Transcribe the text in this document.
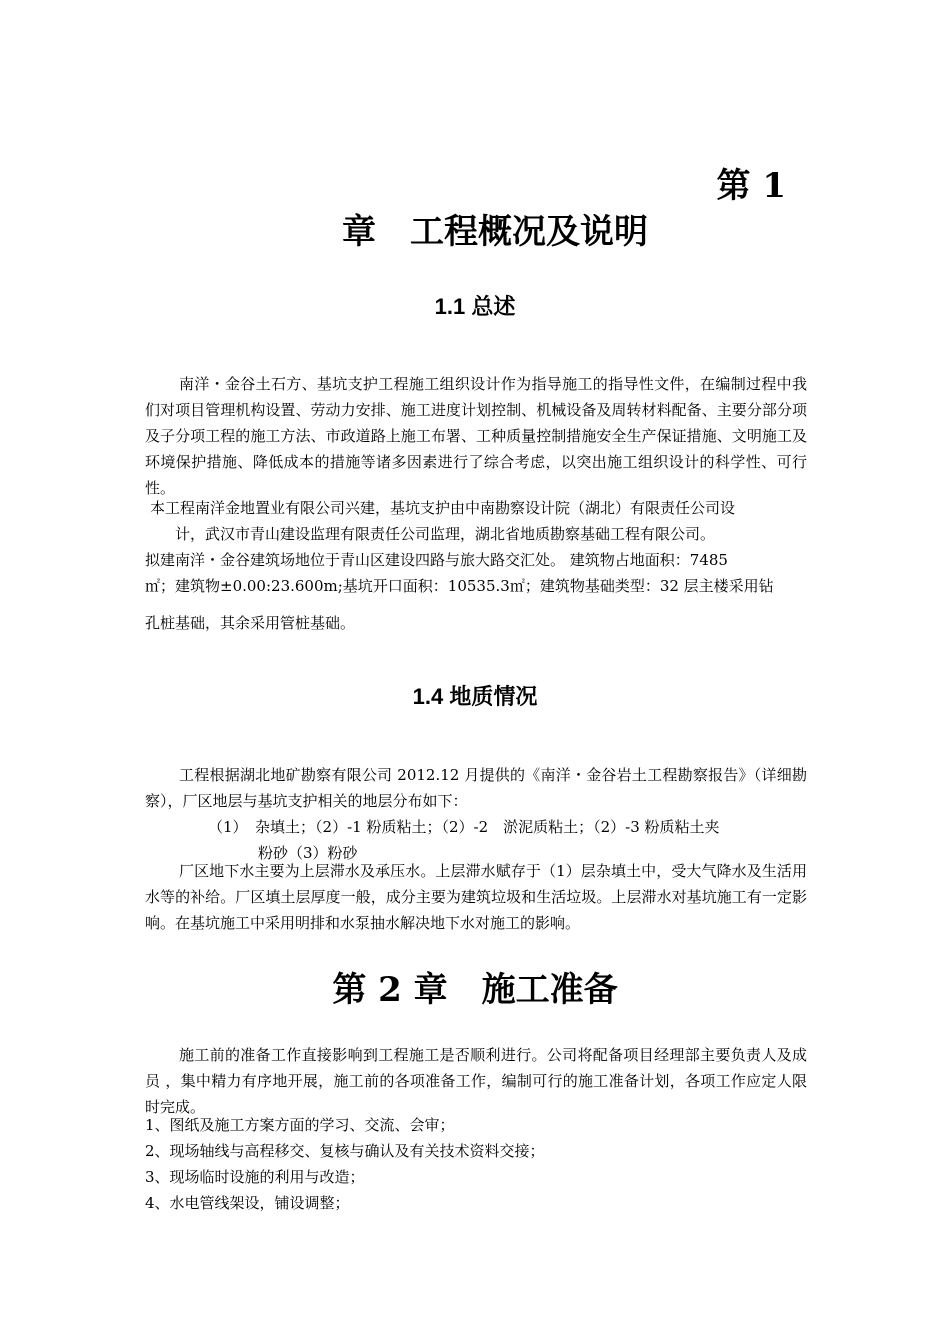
第 1
章　工程概况及说明
1.1 总述
南洋・金谷土石方、基坑支护工程施工组织设计作为指导施工的指导性文件，在编制过程中我们对项目管理机构设置、劳动力安排、施工进度计划控制、机械设备及周转材料配备、主要分部分项及子分项工程的施工方法、市政道路上施工布署、工种质量控制措施安全生产保证措施、文明施工及环境保护措施、降低成本的措施等诸多因素进行了综合考虑，以突出施工组织设计的科学性、可行性。
本工程南洋金地置业有限公司兴建，基坑支护由中南勘察设计院（湖北）有限责任公司设
计，武汉市青山建设监理有限责任公司监理，湖北省地质勘察基础工程有限公司。
拟建南洋・金谷建筑场地位于青山区建设四路与旅大路交汇处。 建筑物占地面积：7485
㎡；建筑物±0.00:23.600m;基坑开口面积：10535.3㎡；建筑物基础类型：32 层主楼采用钻
孔桩基础，其余采用管桩基础。
1.4 地质情况
工程根据湖北地矿勘察有限公司 2012.12 月提供的《南洋・金谷岩土工程勘察报告》（详细勘察），厂区地层与基坑支护相关的地层分布如下：
（1）　杂填土；（2）-1 粉质粘土；（2）-2　淤泥质粘土；（2）-3 粉质粘土夹
粉砂（3）粉砂
厂区地下水主要为上层滞水及承压水。上层滞水赋存于（1）层杂填土中，受大气降水及生活用水等的补给。厂区填土层厚度一般，成分主要为建筑垃圾和生活垃圾。上层滞水对基坑施工有一定影响。在基坑施工中采用明排和水泵抽水解决地下水对施工的影响。
第 2 章　施工准备
施工前的准备工作直接影响到工程施工是否顺利进行。公司将配备项目经理部主要负责人及成员 ，集中精力有序地开展，施工前的各项准备工作，编制可行的施工准备计划，各项工作应定人限时完成。
1、图纸及施工方案方面的学习、交流、会审；
2、现场轴线与高程移交、复核与确认及有关技术资料交接；
3、现场临时设施的利用与改造；
4、水电管线架设，铺设调整；
